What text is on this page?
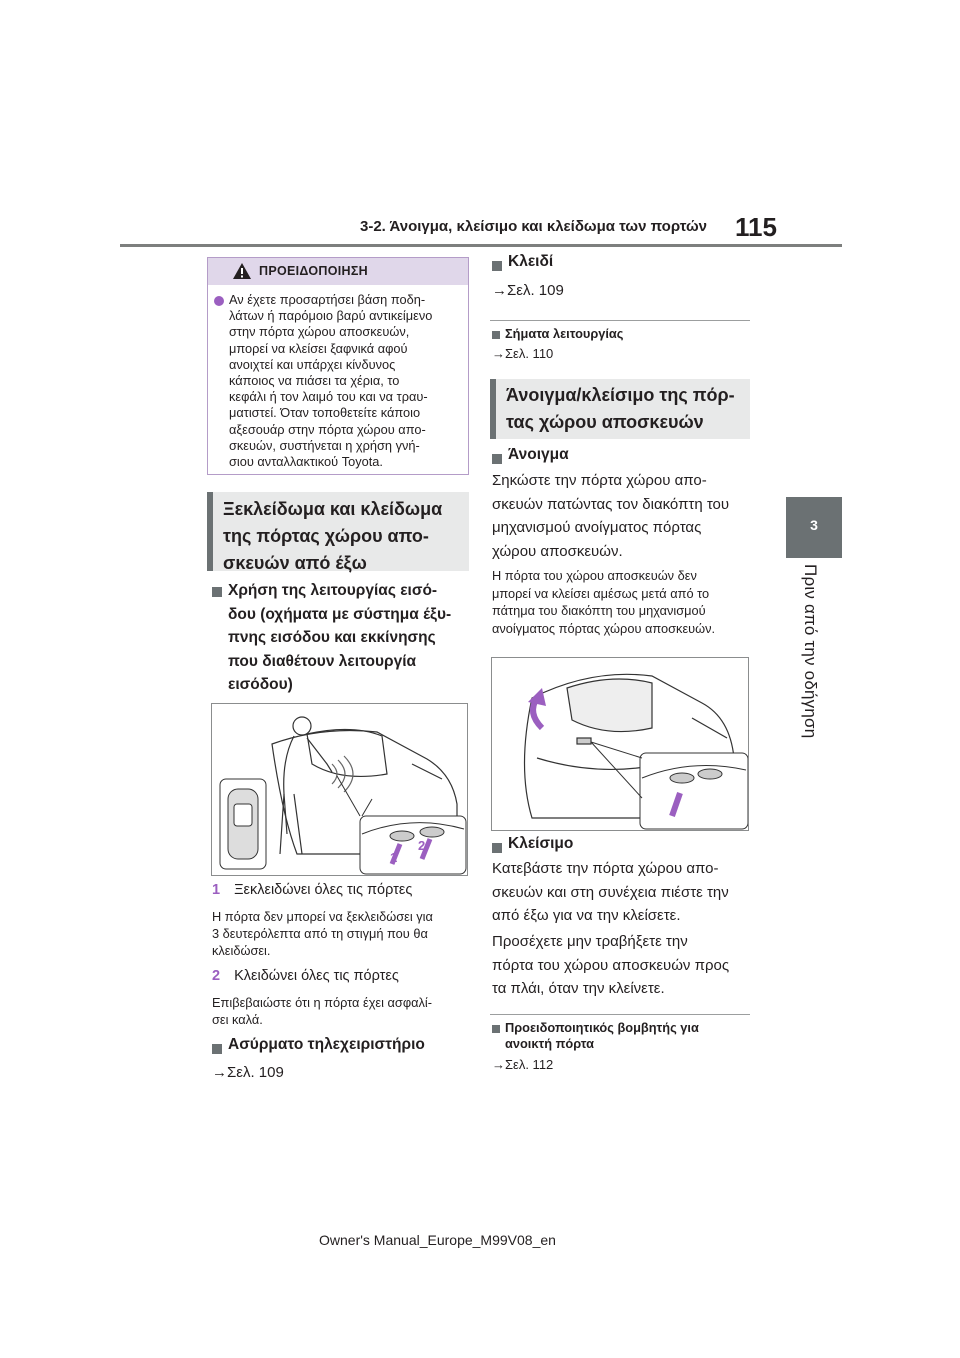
3-2. Άνοιγμα, κλείσιμο και κλείδωμα των πορτών 115
3
Πριν από την οδήγηση
ΠΡΟΕΙΔΟΠΟΙΗΣΗ
Αν έχετε προσαρτήσει βάση ποδη-
λάτων ή παρόμοιο βαρύ αντικείμενο
στην πόρτα χώρου αποσκευών,
μπορεί να κλείσει ξαφνικά αφού
ανοιχτεί και υπάρχει κίνδυνος
κάποιος να πιάσει τα χέρια, το
κεφάλι ή τον λαιμό του και να τραυ-
ματιστεί. Όταν τοποθετείτε κάποιο
αξεσουάρ στην πόρτα χώρου απο-
σκευών, συστήνεται η χρήση γνή-
σιου ανταλλακτικού Toyota.
Ξεκλείδωμα και κλείδωμα
της πόρτας χώρου απο-
σκευών από έξω
Χρήση της λειτουργίας εισό-
δου (οχήματα με σύστημα έξυ-
πνης εισόδου και εκκίνησης
που διαθέτουν λειτουργία
εισόδου)
1
2
1 Ξεκλειδώνει όλες τις πόρτες
Η πόρτα δεν μπορεί να ξεκλειδώσει για
3 δευτερόλεπτα από τη στιγμή που θα
κλειδώσει.
2 Κλειδώνει όλες τις πόρτες
Επιβεβαιώστε ότι η πόρτα έχει ασφαλί-
σει καλά.
Ασύρματο τηλεχειριστήριο
→Σελ. 109
Κλειδί
→Σελ. 109
Σήματα λειτουργίας
→Σελ. 110
Άνοιγμα/κλείσιμο της πόρ-
τας χώρου αποσκευών
Άνοιγμα
Σηκώστε την πόρτα χώρου απο-
σκευών πατώντας τον διακόπτη του
μηχανισμού ανοίγματος πόρτας
χώρου αποσκευών.
Η πόρτα του χώρου αποσκευών δεν
μπορεί να κλείσει αμέσως μετά από το
πάτημα του διακόπτη του μηχανισμού
ανοίγματος πόρτας χώρου αποσκευών.
Κλείσιμο
Κατεβάστε την πόρτα χώρου απο-
σκευών και στη συνέχεια πιέστε την
από έξω για να την κλείσετε.
Προσέχετε μην τραβήξετε την
πόρτα του χώρου αποσκευών προς
τα πλάι, όταν την κλείνετε.
Προειδοποιητικός βομβητής για
ανοικτή πόρτα
→Σελ. 112
Owner's Manual_Europe_M99V08_en
